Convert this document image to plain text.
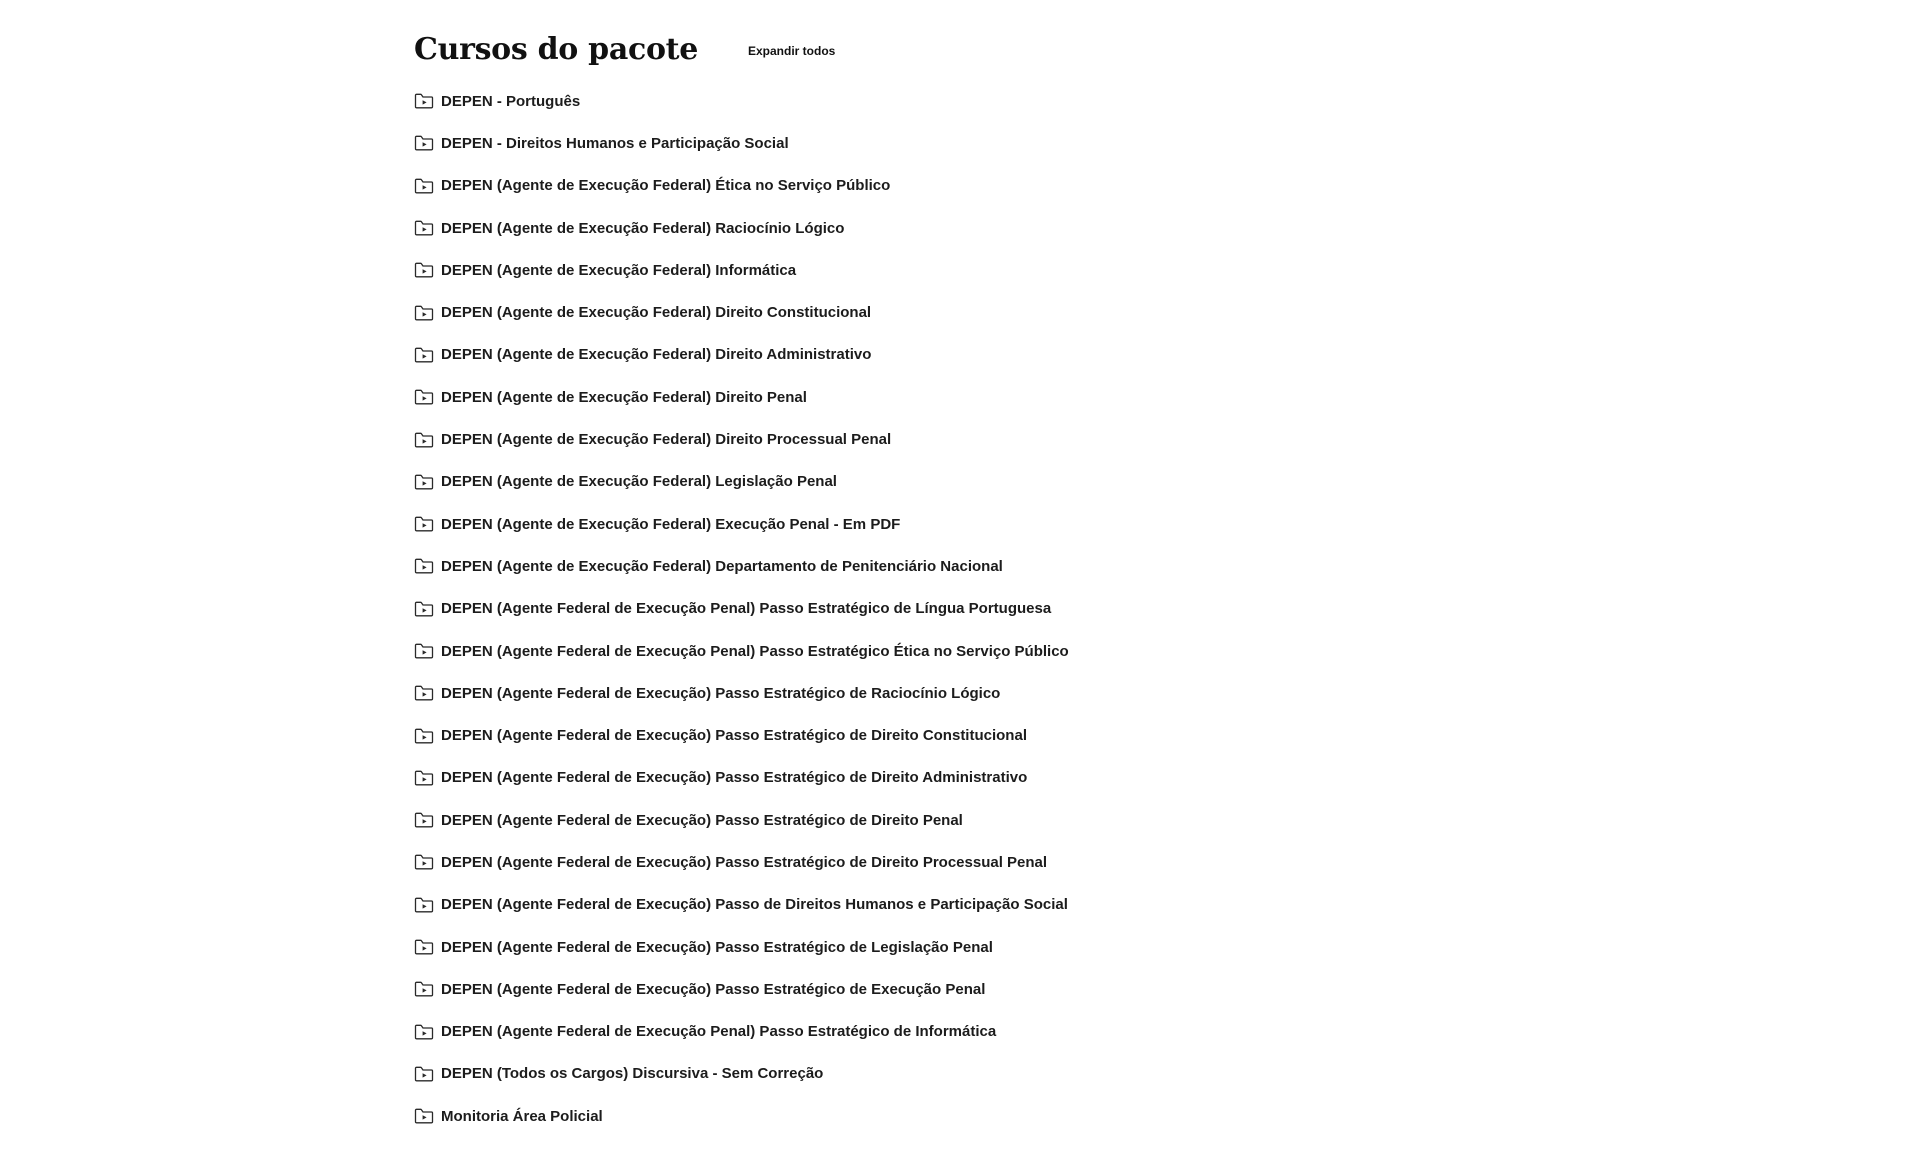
Cursos do pacote	Expandir todos
DEPEN - Português
DEPEN - Direitos Humanos e Participação Social
DEPEN (Agente de Execução Federal) Ética no Serviço Público
DEPEN (Agente de Execução Federal) Raciocínio Lógico
DEPEN (Agente de Execução Federal) Informática
DEPEN (Agente de Execução Federal) Direito Constitucional
DEPEN (Agente de Execução Federal) Direito Administrativo
DEPEN (Agente de Execução Federal) Direito Penal
DEPEN (Agente de Execução Federal) Direito Processual Penal
DEPEN (Agente de Execução Federal) Legislação Penal
DEPEN (Agente de Execução Federal) Execução Penal - Em PDF
DEPEN (Agente de Execução Federal) Departamento de Penitenciário Nacional
DEPEN (Agente Federal de Execução Penal) Passo Estratégico de Língua Portuguesa
DEPEN (Agente Federal de Execução Penal) Passo Estratégico Ética no Serviço Público
DEPEN (Agente Federal de Execução) Passo Estratégico de Raciocínio Lógico
DEPEN (Agente Federal de Execução) Passo Estratégico de Direito Constitucional
DEPEN (Agente Federal de Execução) Passo Estratégico de Direito Administrativo
DEPEN (Agente Federal de Execução) Passo Estratégico de Direito Penal
DEPEN (Agente Federal de Execução) Passo Estratégico de Direito Processual Penal
DEPEN (Agente Federal de Execução) Passo de Direitos Humanos e Participação Social
DEPEN (Agente Federal de Execução) Passo Estratégico de Legislação Penal
DEPEN (Agente Federal de Execução) Passo Estratégico de Execução Penal
DEPEN (Agente Federal de Execução Penal) Passo Estratégico de Informática
DEPEN (Todos os Cargos) Discursiva - Sem Correção
Monitoria Área Policial
